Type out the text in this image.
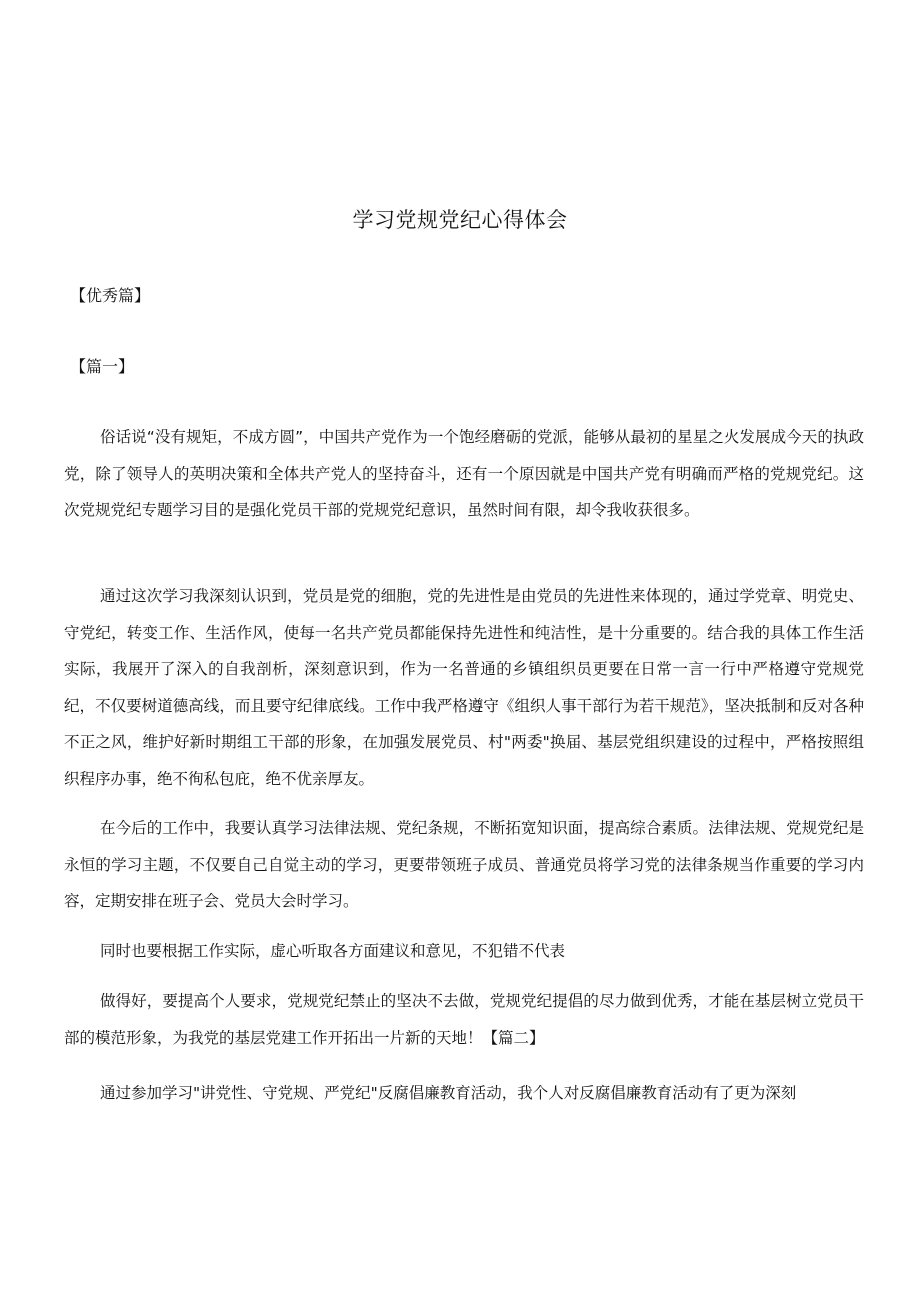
学习党规党纪心得体会
【优秀篇】
【篇一】

俗话说“没有规矩，不成方圆”，中国共产党作为一个饱经磨砺的党派，能够从最初的星星之火发展成今天的执政党，除了领导人的英明决策和全体共产党人的坚持奋斗，还有一个原因就是中国共产党有明确而严格的党规党纪。这次党规党纪专题学习目的是强化党员干部的党规党纪意识，虽然时间有限，却令我收获很多。

通过这次学习我深刻认识到，党员是党的细胞，党的先进性是由党员的先进性来体现的，通过学党章、明党史、守党纪，转变工作、生活作风，使每一名共产党员都能保持先进性和纯洁性，是十分重要的。结合我的具体工作生活实际，我展开了深入的自我剖析，深刻意识到，作为一名普通的乡镇组织员更要在日常一言一行中严格遵守党规党纪，不仅要树道德高线，而且要守纪律底线。工作中我严格遵守《组织人事干部行为若干规范》，坚决抵制和反对各种不正之风，维护好新时期组工干部的形象，在加强发展党员、村"两委"换届、基层党组织建设的过程中，严格按照组织程序办事，绝不徇私包庇，绝不优亲厚友。

在今后的工作中，我要认真学习法律法规、党纪条规，不断拓宽知识面，提高综合素质。法律法规、党规党纪是永恒的学习主题，不仅要自己自觉主动的学习，更要带领班子成员、普通党员将学习党的法律条规当作重要的学习内容，定期安排在班子会、党员大会时学习。

同时也要根据工作实际，虚心听取各方面建议和意见，不犯错不代表

做得好，要提高个人要求，党规党纪禁止的坚决不去做，党规党纪提倡的尽力做到优秀，才能在基层树立党员干部的模范形象，为我党的基层党建工作开拓出一片新的天地！【篇二】

通过参加学习"讲党性、守党规、严党纪"反腐倡廉教育活动，我个人对反腐倡廉教育活动有了更为深刻
